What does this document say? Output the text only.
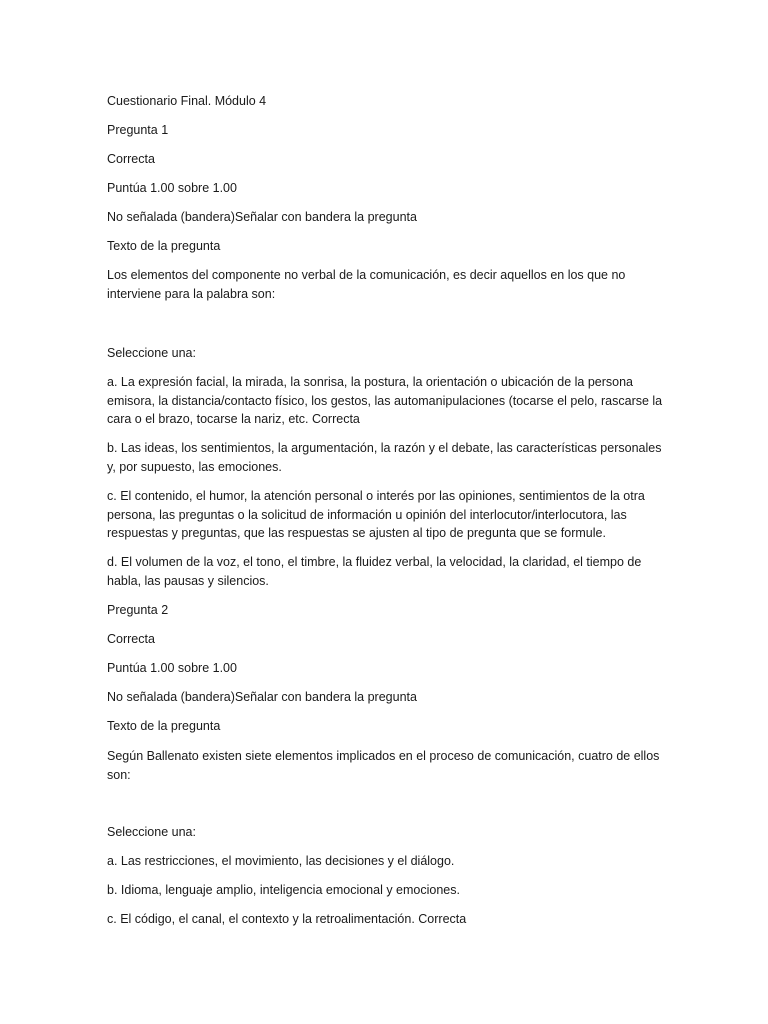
Cuestionario Final. Módulo 4

Pregunta 1

Correcta

Puntúa 1.00 sobre 1.00

No señalada (bandera)Señalar con bandera la pregunta

Texto de la pregunta

Los elementos del componente no verbal de la comunicación, es decir aquellos en los que no interviene para la palabra son:

Seleccione una:

a. La expresión facial, la mirada, la sonrisa, la postura, la orientación o ubicación de la persona emisora, la distancia/contacto físico, los gestos, las automanipulaciones (tocarse el pelo, rascarse la cara o el brazo, tocarse la nariz, etc. Correcta

b. Las ideas, los sentimientos, la argumentación, la razón y el debate, las características personales y, por supuesto, las emociones.

c. El contenido, el humor, la atención personal o interés por las opiniones, sentimientos de la otra persona, las preguntas o la solicitud de información u opinión del interlocutor/interlocutora, las respuestas y preguntas, que las respuestas se ajusten al tipo de pregunta que se formule.

d. El volumen de la voz, el tono, el timbre, la fluidez verbal, la velocidad, la claridad, el tiempo de habla, las pausas y silencios.

Pregunta 2

Correcta

Puntúa 1.00 sobre 1.00

No señalada (bandera)Señalar con bandera la pregunta

Texto de la pregunta

Según Ballenato existen siete elementos implicados en el proceso de comunicación, cuatro de ellos son:

Seleccione una:

a. Las restricciones, el movimiento, las decisiones y el diálogo.

b. Idioma, lenguaje amplio, inteligencia emocional y emociones.

c. El código, el canal, el contexto y la retroalimentación. Correcta
